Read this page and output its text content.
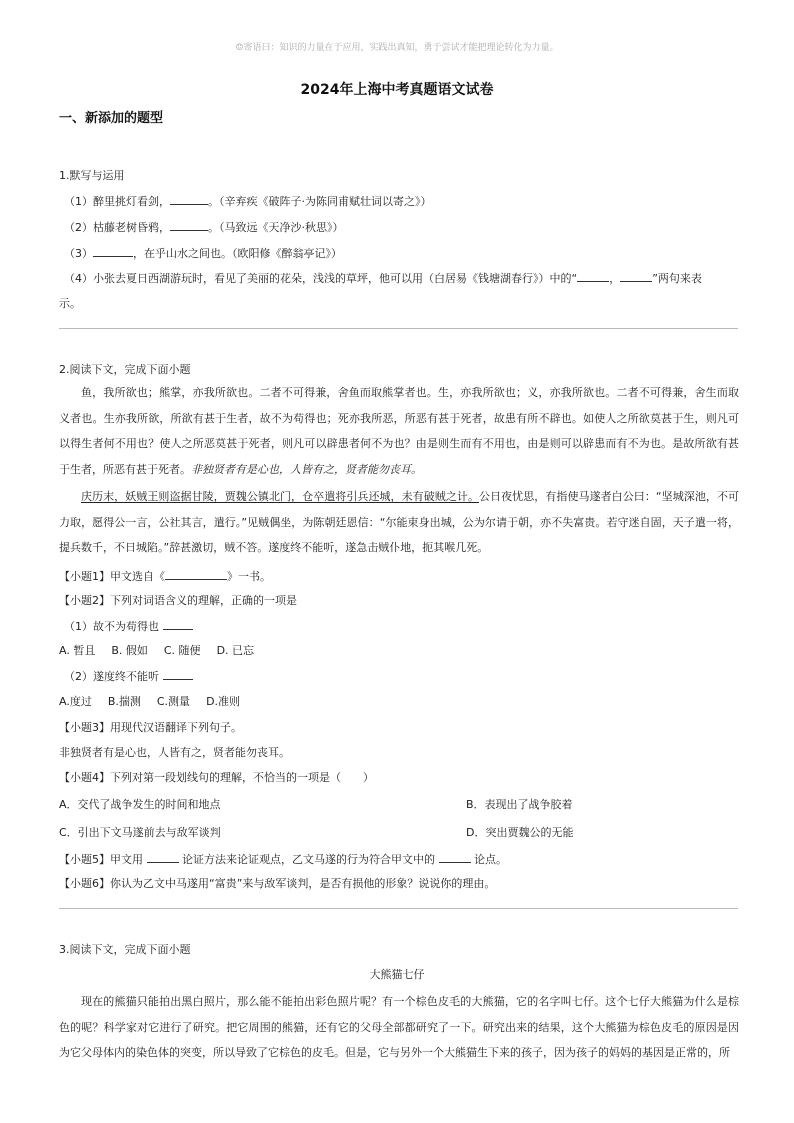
☺寄语曰：知识的力量在于应用，实践出真知，勇于尝试才能把理论转化为力量。
2024年上海中考真题语文试卷
一、新添加的题型
1.默写与运用
（1）醉里挑灯看剑，	。（辛弃疾《破阵子·为陈同甫赋壮词以寄之》）
（2）枯藤老树昏鸦，	。（马致远《天净沙·秋思》）
（3）	，在乎山水之间也。（欧阳修《醉翁亭记》）
（4）小张去夏日西湖游玩时，看见了美丽的花朵，浅浅的草坪，他可以用（白居易《钱塘湖春行》）中的“	，	”两句来表
示。
2.阅读下文，完成下面小题

鱼，我所欲也；熊掌，亦我所欲也。二者不可得兼，舍鱼而取熊掌者也。生，亦我所欲也；义，亦我所欲也。二者不可得兼，舍生而取义者也。生亦我所欲，所欲有甚于生者，故不为苟得也；死亦我所恶，所恶有甚于死者，故患有所不辟也。如使人之所欲莫甚于生，则凡可以得生者何不用也？使人之所恶莫甚于死者，则凡可以辟患者何不为也？由是则生而有不用也，由是则可以辟患而有不为也。是故所欲有甚于生者，所恶有甚于死者。非独贤者有是心也，人皆有之，贤者能勿丧耳。

庆历末，妖贼王则盗据甘陵，贾魏公镇北门，仓卒遣将引兵还城，未有破贼之计。公日夜忧思，有指使马遂者白公曰：“坚城深池，不可力取，愿得公一言，公社其言，遣行。”见贼偶坐，为陈朝廷恩信：“尔能束身出城，公为尔请于朝，亦不失富贵。若守迷自固，天子遣一将，提兵数千，不日城陷。”辞甚激切，贼不答。遂度终不能听，遂急击贼仆地，扼其喉几死。

【小题1】甲文选自《	》一书。
【小题2】下列对词语含义的理解，正确的一项是
（1）故不为苟得也
A. 暂且 B. 假如 C. 随便 D. 已忘
（2）遂度终不能听
A.度过 B.揣测 C.测量 D.准则
【小题3】用现代汉语翻译下列句子。
非独贤者有是心也，人皆有之，贤者能勿丧耳。
【小题4】下列对第一段划线句的理解，不恰当的一项是（　　）
A．交代了战争发生的时间和地点	B．表现出了战争胶着
C．引出下文马遂前去与敌军谈判	D．突出贾魏公的无能
【小题5】甲文用	论证方法来论证观点，乙文马遂的行为符合甲文中的	论点。
【小题6】你认为乙文中马遂用“富贵”来与敌军谈判，是否有损他的形象？说说你的理由。
3.阅读下文，完成下面小题
大熊猫七仔

现在的熊猫只能拍出黑白照片，那么能不能拍出彩色照片呢？有一个棕色皮毛的大熊猫，它的名字叫七仔。这个七仔大熊猫为什么是棕色的呢？科学家对它进行了研究。把它周围的熊猫，还有它的父母全部都研究了一下。研究出来的结果，这个大熊猫为棕色皮毛的原因是因为它父母体内的染色体的突变，所以导致了它棕色的皮毛。但是，它与另外一个大熊猫生下来的孩子，因为孩子的妈妈的基因是正常的，所
